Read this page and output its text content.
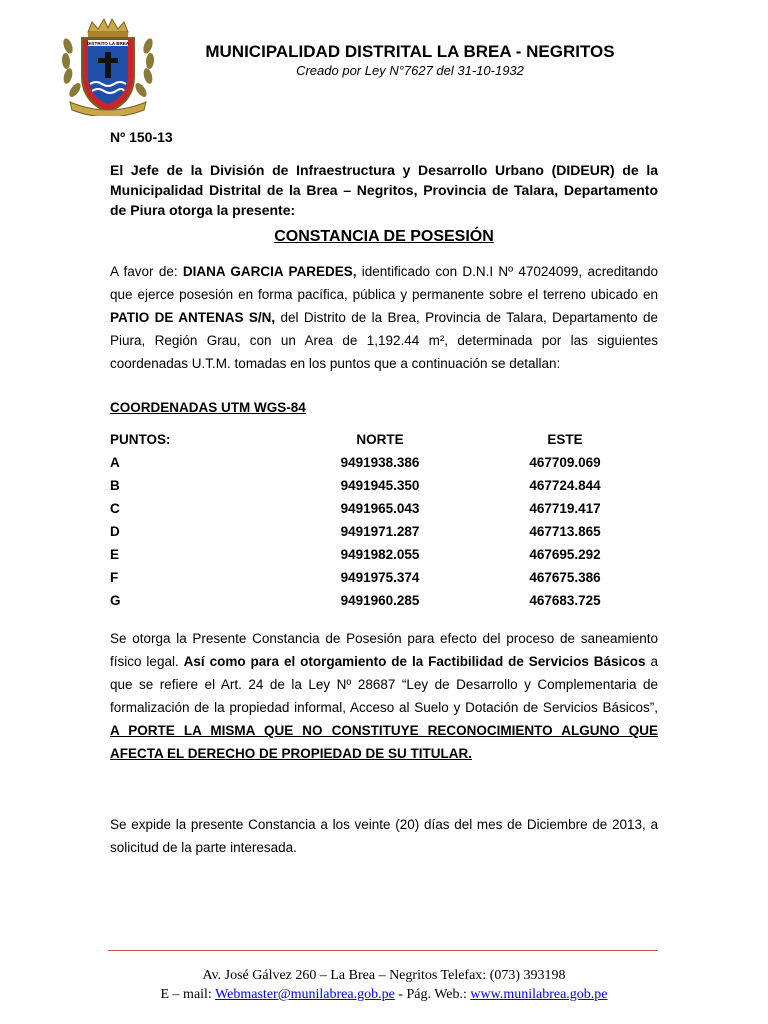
DISTRITO LA BREA	MUNICIPALIDAD DISTRITAL LA BREA - NEGRITOS
Creado por Ley N°7627 del 31-10-1932
Nº 150-13
El Jefe de la División de Infraestructura y Desarrollo Urbano (DIDEUR) de la Municipalidad Distrital de la Brea – Negritos, Provincia de Talara, Departamento de Piura otorga la presente:
CONSTANCIA DE POSESIÓN
A favor de: DIANA GARCIA PAREDES, identificado con D.N.I Nº 47024099, acreditando que ejerce posesión en forma pacífica, pública y permanente sobre el terreno ubicado en PATIO DE ANTENAS S/N, del Distrito de la Brea, Provincia de Talara, Departamento de Piura, Región Grau, con un Area de 1,192.44 m², determinada por las siguientes coordenadas U.T.M. tomadas en los puntos que a continuación se detallan:
COORDENADAS UTM WGS-84
PUNTOS:	NORTE	ESTE
A	9491938.386	467709.069
B	9491945.350	467724.844
C	9491965.043	467719.417
D	9491971.287	467713.865
E	9491982.055	467695.292
F	9491975.374	467675.386
G	9491960.285	467683.725
Se otorga la Presente Constancia de Posesión para efecto del proceso de saneamiento físico legal. Así como para el otorgamiento de la Factibilidad de Servicios Básicos a que se refiere el Art. 24 de la Ley Nº 28687 “Ley de Desarrollo y Complementaria de formalización de la propiedad informal, Acceso al Suelo y Dotación de Servicios Básicos”, A PORTE LA MISMA QUE NO CONSTITUYE RECONOCIMIENTO ALGUNO QUE AFECTA EL DERECHO DE PROPIEDAD DE SU TITULAR.
Se expide la presente Constancia a los veinte (20) días del mes de Diciembre de 2013, a solicitud de la parte interesada.
Av. José Gálvez 260 – La Brea – Negritos Telefax: (073) 393198
E – mail: Webmaster@munilabrea.gob.pe - Pág. Web.: www.munilabrea.gob.pe
